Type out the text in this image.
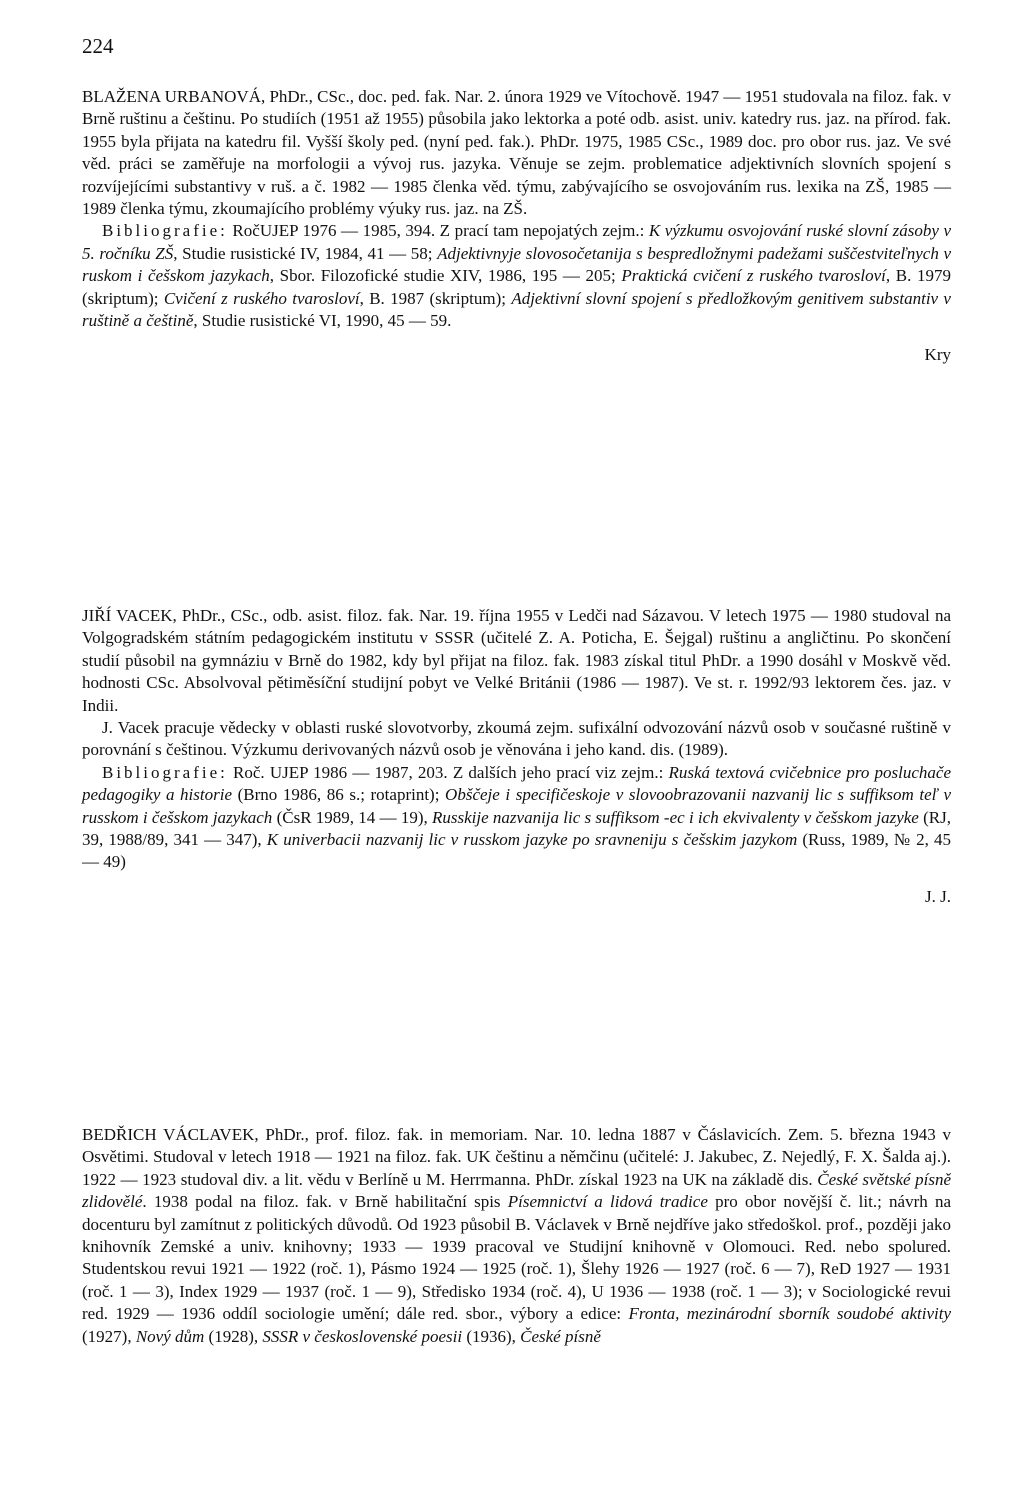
224

BLAŽENA URBANOVÁ, PhDr., CSc., doc. ped. fak. Nar. 2. února 1929 ve Vítochově. 1947 — 1951 studovala na filoz. fak. v Brně ruštinu a češtinu. Po studiích (1951 až 1955) působila jako lektorka a poté odb. asist. univ. katedry rus. jaz. na přírod. fak. 1955 byla přijata na katedru fil. Vyšší školy ped. (nyní ped. fak.). PhDr. 1975, 1985 CSc., 1989 doc. pro obor rus. jaz. Ve své věd. práci se zaměřuje na morfologii a vývoj rus. jazyka. Věnuje se zejm. problematice adjektivních slovních spojení s rozvíjejícími substantivy v ruš. a č. 1982 — 1985 členka věd. týmu, zabývajícího se osvojováním rus. lexika na ZŠ, 1985 — 1989 členka týmu, zkoumajícího problémy výuky rus. jaz. na ZŠ.

Bibliografie: RočUJEP 1976 — 1985, 394. Z prací tam nepojatých zejm.: K výzkumu osvojování ruské slovní zásoby v 5. ročníku ZŠ, Studie rusistické IV, 1984, 41 — 58; Adjektivnyje slovosočetanija s bespredložnymi padežami suščestviteľnych v ruskom i češskom jazykach, Sbor. Filozofické studie XIV, 1986, 195 — 205; Praktická cvičení z ruského tvarosloví, B. 1979 (skriptum); Cvičení z ruského tvarosloví, B. 1987 (skriptum); Adjektivní slovní spojení s předložkovým genitivem substantiv v ruštině a češtině, Studie rusistické VI, 1990, 45 — 59.

Kry

JIŘÍ VACEK, PhDr., CSc., odb. asist. filoz. fak. Nar. 19. října 1955 v Ledči nad Sázavou. V letech 1975 — 1980 studoval na Volgogradském státním pedagogickém institutu v SSSR (učitelé Z. A. Poticha, E. Šejgal) ruštinu a angličtinu. Po skončení studií působil na gymnáziu v Brně do 1982, kdy byl přijat na filoz. fak. 1983 získal titul PhDr. a 1990 dosáhl v Moskvě věd. hodnosti CSc. Absolvoval pětiměsíční studijní pobyt ve Velké Británii (1986 — 1987). Ve st. r. 1992/93 lektorem čes. jaz. v Indii.

J. Vacek pracuje vědecky v oblasti ruské slovotvorby, zkoumá zejm. sufixální odvozování názvů osob v současné ruštině v porovnání s češtinou. Výzkumu derivovaných názvů osob je věnována i jeho kand. dis. (1989).

Bibliografie: Roč. UJEP 1986 — 1987, 203. Z dalších jeho prací viz zejm.: Ruská textová cvičebnice pro posluchače pedagogiky a historie (Brno 1986, 86 s.; rotaprint); Obščeje i specifičeskoje v slovoobrazovanii nazvanij lic s suffiksom teľ v russkom i češskom jazykach (ČsR 1989, 14 — 19), Russkije nazvanija lic s suffiksom -ec i ich ekvivalenty v češskom jazyke (RJ, 39, 1988/89, 341 — 347), K univerbacii nazvanij lic v russkom jazyke po sravneniju s češskim jazykom (Russ, 1989, № 2, 45 — 49)

J. J.

BEDŘICH VÁCLAVEK, PhDr., prof. filoz. fak. in memoriam. Nar. 10. ledna 1887 v Čáslavicích. Zem. 5. března 1943 v Osvětimi. Studoval v letech 1918 — 1921 na filoz. fak. UK češtinu a němčinu (učitelé: J. Jakubec, Z. Nejedlý, F. X. Šalda aj.). 1922 — 1923 studoval div. a lit. vědu v Berlíně u M. Herrmanna. PhDr. získal 1923 na UK na základě dis. České světské písně zlidovělé. 1938 podal na filoz. fak. v Brně habilitační spis Písemnictví a lidová tradice pro obor novější č. lit.; návrh na docenturu byl zamítnut z politických důvodů. Od 1923 působil B. Václavek v Brně nejdříve jako středoškol. prof., později jako knihovník Zemské a univ. knihovny; 1933 — 1939 pracoval ve Studijní knihovně v Olomouci. Red. nebo spolured. Studentskou revui 1921 — 1922 (roč. 1), Pásmo 1924 — 1925 (roč. 1), Šlehy 1926 — 1927 (roč. 6 — 7), ReD 1927 — 1931 (roč. 1 — 3), Index 1929 — 1937 (roč. 1 — 9), Středisko 1934 (roč. 4), U 1936 — 1938 (roč. 1 — 3); v Sociologické revui red. 1929 — 1936 oddíl sociologie umění; dále red. sbor., výbory a edice: Fronta, mezinárodní sborník soudobé aktivity (1927), Nový dům (1928), SSSR v československé poesii (1936), České písně
